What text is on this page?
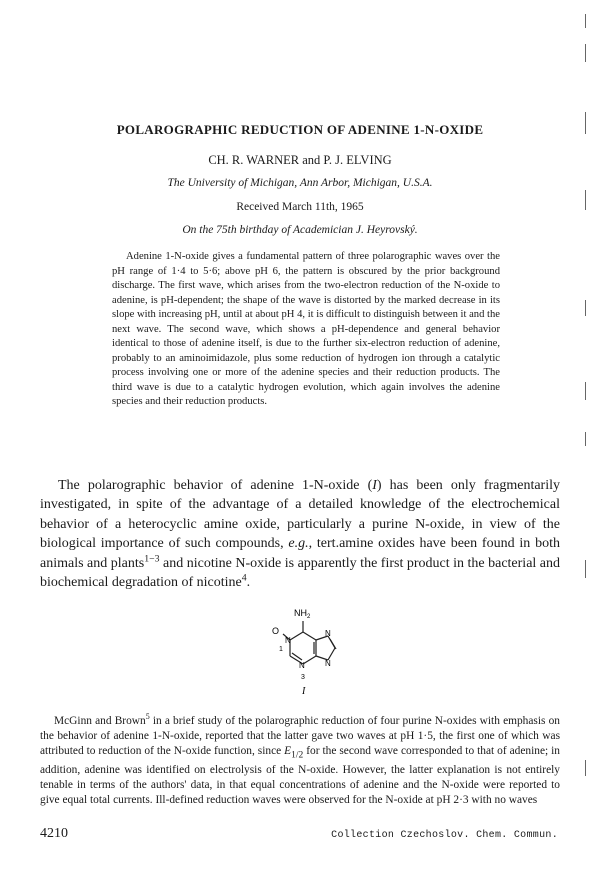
POLAROGRAPHIC REDUCTION OF ADENINE 1-N-OXIDE
CH. R. WARNER and P. J. ELVING
The University of Michigan, Ann Arbor, Michigan, U.S.A.
Received March 11th, 1965
On the 75th birthday of Academician J. Heyrovský.

Adenine 1-N-oxide gives a fundamental pattern of three polarographic waves over the pH range of 1·4 to 5·6; above pH 6, the pattern is obscured by the prior background discharge. The first wave, which arises from the two-electron reduction of the N-oxide to adenine, is pH-dependent; the shape of the wave is distorted by the marked decrease in its slope with increasing pH, until at about pH 4, it is difficult to distinguish between it and the next wave. The second wave, which shows a pH-dependence and general behavior identical to those of adenine itself, is due to the further six-electron reduction of adenine, probably to an aminoimidazole, plus some reduction of hydrogen ion through a catalytic process involving one or more of the adenine species and their reduction products. The third wave is due to a catalytic hydrogen evolution, which again involves the adenine species and their reduction products.

The polarographic behavior of adenine 1-N-oxide (I) has been only fragmentarily investigated, in spite of the advantage of a detailed knowledge of the electrochemical behavior of a heterocyclic amine oxide, particularly a purine N-oxide, in view of the biological importance of such compounds, e.g., tert.amine oxides have been found in both animals and plants$^{1-3}$ and nicotine N-oxide is apparently the first product in the bacterial and biochemical degradation of nicotine$^4$.

$NH_2$
O
N
1
N
3
N
N
I

McGinn and Brown$^5$ in a brief study of the polarographic reduction of four purine N-oxides with emphasis on the behavior of adenine 1-N-oxide, reported that the latter gave two waves at pH 1·5, the first one of which was attributed to reduction of the N-oxide function, since $E_{1/2}$ for the second wave corresponded to that of adenine; in addition, adenine was identified on electrolysis of the N-oxide. However, the latter explanation is not entirely tenable in terms of the authors' data, in that equal concentrations of adenine and the N-oxide were reported to give equal total currents. Ill-defined reduction waves were observed for the N-oxide at pH 2·3 with no waves

4210	Collection Czechoslov. Chem. Commun.
